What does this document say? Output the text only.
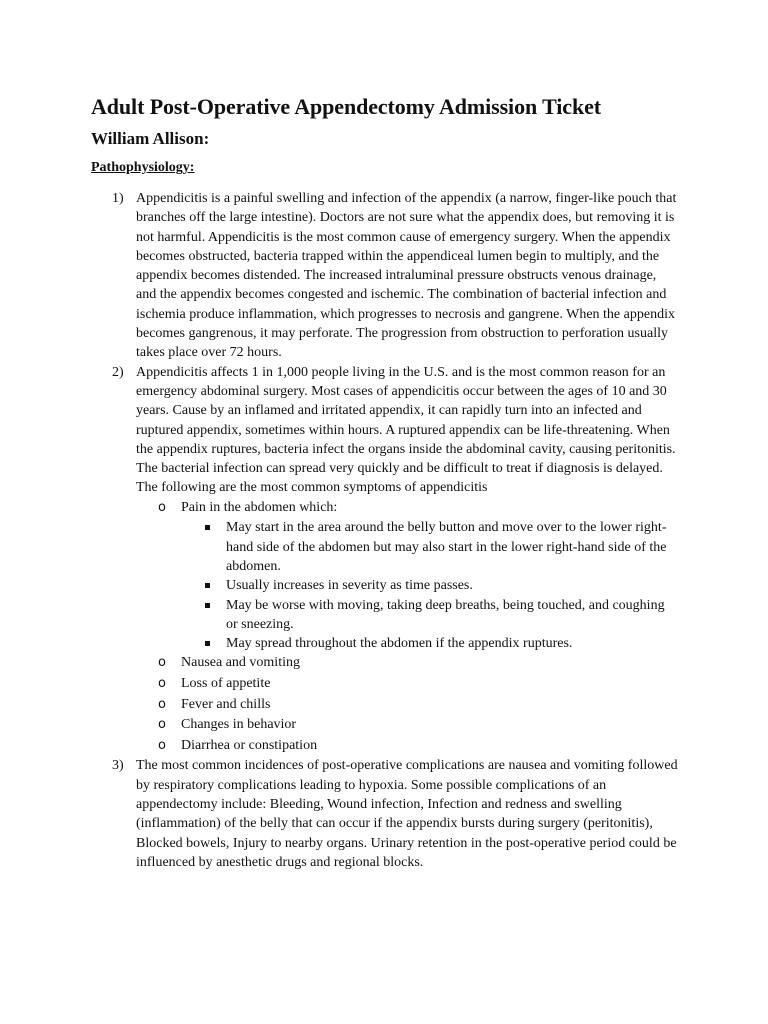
Adult Post-Operative Appendectomy Admission Ticket
William Allison:
Pathophysiology:
1) Appendicitis is a painful swelling and infection of the appendix (a narrow, finger-like pouch that branches off the large intestine). Doctors are not sure what the appendix does, but removing it is not harmful. Appendicitis is the most common cause of emergency surgery. When the appendix becomes obstructed, bacteria trapped within the appendiceal lumen begin to multiply, and the appendix becomes distended. The increased intraluminal pressure obstructs venous drainage, and the appendix becomes congested and ischemic. The combination of bacterial infection and ischemia produce inflammation, which progresses to necrosis and gangrene. When the appendix becomes gangrenous, it may perforate. The progression from obstruction to perforation usually takes place over 72 hours.
2) Appendicitis affects 1 in 1,000 people living in the U.S. and is the most common reason for an emergency abdominal surgery. Most cases of appendicitis occur between the ages of 10 and 30 years. Cause by an inflamed and irritated appendix, it can rapidly turn into an infected and ruptured appendix, sometimes within hours. A ruptured appendix can be life-threatening. When the appendix ruptures, bacteria infect the organs inside the abdominal cavity, causing peritonitis. The bacterial infection can spread very quickly and be difficult to treat if diagnosis is delayed. The following are the most common symptoms of appendicitis
o Pain in the abdomen which:
May start in the area around the belly button and move over to the lower right-hand side of the abdomen but may also start in the lower right-hand side of the abdomen.
Usually increases in severity as time passes.
May be worse with moving, taking deep breaths, being touched, and coughing or sneezing.
May spread throughout the abdomen if the appendix ruptures.
o Nausea and vomiting
o Loss of appetite
o Fever and chills
o Changes in behavior
o Diarrhea or constipation
3) The most common incidences of post-operative complications are nausea and vomiting followed by respiratory complications leading to hypoxia. Some possible complications of an appendectomy include: Bleeding, Wound infection, Infection and redness and swelling (inflammation) of the belly that can occur if the appendix bursts during surgery (peritonitis), Blocked bowels, Injury to nearby organs. Urinary retention in the post-operative period could be influenced by anesthetic drugs and regional blocks.
